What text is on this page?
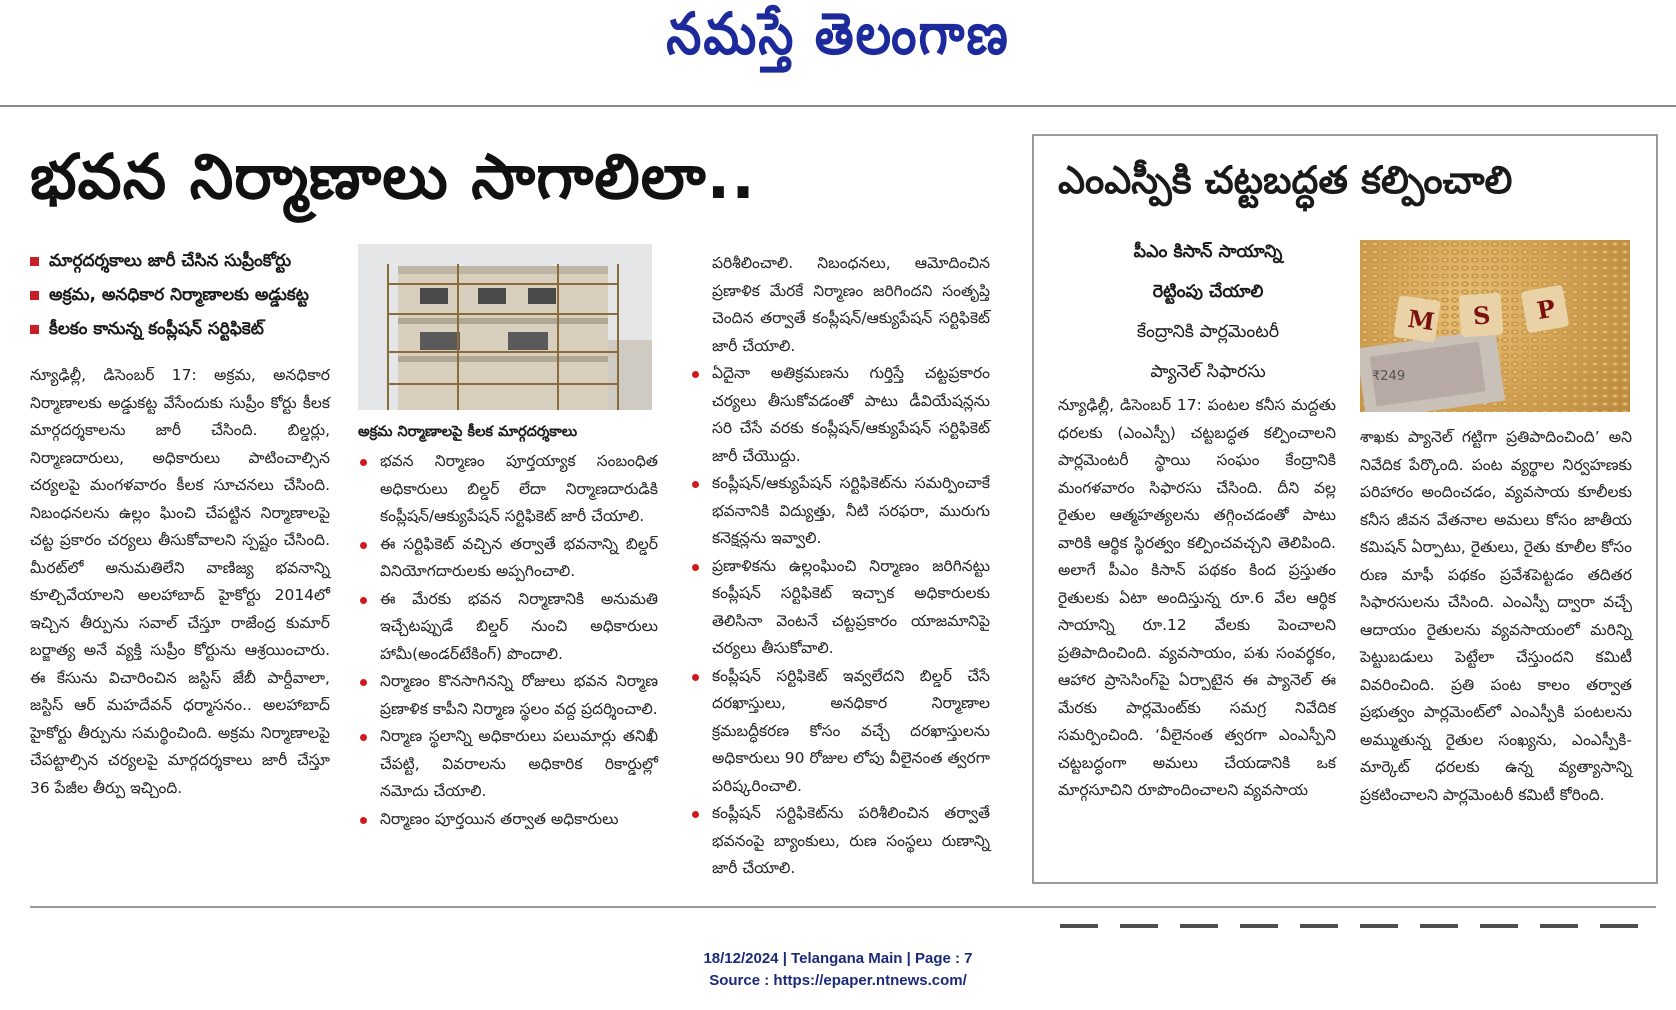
నమస్తే తెలంగాణ
భవన నిర్మాణాలు సాగాలిలా..
మార్గదర్శకాలు జారీ చేసిన సుప్రీంకోర్టు
అక్రమ, అనధికార నిర్మాణాలకు అడ్డుకట్ట
కీలకం కానున్న కంప్లీషన్ సర్టిఫికెట్

న్యూఢిల్లీ, డిసెంబర్ 17: అక్రమ, అనధికార నిర్మాణాలకు అడ్డుకట్ట వేసేందుకు సుప్రీం కోర్టు కీలక మార్గదర్శకాలను జారీ చేసింది. బిల్డర్లు, నిర్మాణదారులు, అధికారులు పాటించాల్సిన చర్యలపై మంగళవారం కీలక సూచనలు చేసింది. నిబంధనలను ఉల్లం ఘించి చేపట్టిన నిర్మాణాలపై చట్ట ప్రకారం చర్యలు తీసుకోవాలని స్పష్టం చేసింది. మీరట్‌లో అనుమతిలేని వాణిజ్య భవనాన్ని కూల్చివేయాలని అలహాబాద్ హైకోర్టు 2014లో ఇచ్చిన తీర్పును సవాల్ చేస్తూ రాజేంద్ర కుమార్ బర్జాత్య అనే వ్యక్తి సుప్రీం కోర్టును ఆశ్రయించారు. ఈ కేసును విచారించిన జస్టిస్ జేబీ పార్దీవాలా, జస్టిస్ ఆర్ మహదేవన్ ధర్మాసనం.. అలహాబాద్ హైకోర్టు తీర్పును సమర్థించింది. అక్రమ నిర్మాణాలపై చేపట్టాల్సిన చర్యలపై మార్గదర్శకాలు జారీ చేస్తూ 36 పేజీల తీర్పు ఇచ్చింది.

అక్రమ నిర్మాణాలపై కీలక మార్గదర్శకాలు
భవన నిర్మాణం పూర్తయ్యాక సంబంధిత అధికారులు బిల్డర్ లేదా నిర్మాణదారుడికి కంప్లీషన్/ఆక్యుపేషన్ సర్టిఫికెట్ జారీ చేయాలి.
ఈ సర్టిఫికెట్ వచ్చిన తర్వాతే భవనాన్ని బిల్డర్ వినియోగదారులకు అప్పగించాలి.
ఈ మేరకు భవన నిర్మాణానికి అనుమతి ఇచ్చేటప్పుడే బిల్డర్ నుంచి అధికారులు హామీ(అండర్‌టేకింగ్) పొందాలి.
నిర్మాణం కొనసాగినన్ని రోజులు భవన నిర్మాణ ప్రణాళిక కాపీని నిర్మాణ స్థలం వద్ద ప్రదర్శించాలి.
నిర్మాణ స్థలాన్ని అధికారులు పలుమార్లు తనిఖీ చేపట్టి, వివరాలను అధికారిక రికార్డుల్లో నమోదు చేయాలి.
నిర్మాణం పూర్తయిన తర్వాత అధికారులు

పరిశీలించాలి. నిబంధనలు, ఆమోదించిన ప్రణాళిక మేరకే నిర్మాణం జరిగిందని సంతృప్తి చెందిన తర్వాతే కంప్లీషన్/ఆక్యుపేషన్ సర్టిఫికెట్ జారీ చేయాలి.

ఏదైనా అతిక్రమణను గుర్తిస్తే చట్టప్రకారం చర్యలు తీసుకోవడంతో పాటు డీవియేషన్లను సరి చేసే వరకు కంప్లీషన్/ఆక్యుపేషన్ సర్టిఫికెట్ జారీ చేయొద్దు.
కంప్లీషన్/ఆక్యుపేషన్ సర్టిఫికెట్‌ను సమర్పించాకే భవనానికి విద్యుత్తు, నీటి సరఫరా, మురుగు కనెక్షన్లను ఇవ్వాలి.
ప్రణాళికను ఉల్లంఘించి నిర్మాణం జరిగినట్టు కంప్లీషన్ సర్టిఫికెట్ ఇచ్చాక అధికారులకు తెలిసినా వెంటనే చట్టప్రకారం యాజమానిపై చర్యలు తీసుకోవాలి.
కంప్లీషన్ సర్టిఫికెట్ ఇవ్వలేదని బిల్డర్ చేసే దరఖాస్తులు, అనధికార నిర్మాణాల క్రమబద్ధీకరణ కోసం వచ్చే దరఖాస్తులను అధికారులు 90 రోజుల లోపు వీలైనంత త్వరగా పరిష్కరించాలి.
కంప్లీషన్ సర్టిఫికెట్‌ను పరిశీలించిన తర్వాతే భవనంపై బ్యాంకులు, రుణ సంస్థలు రుణాన్ని జారీ చేయాలి.
ఎంఎస్పీకి చట్టబద్ధత కల్పించాలి
పీఎం కిసాన్ సాయాన్ని
రెట్టింపు చేయాలి
కేంద్రానికి పార్లమెంటరీ
ప్యానెల్ సిఫారసు	₹249
M S P

న్యూఢిల్లీ, డిసెంబర్ 17: పంటల కనీస మద్దతు ధరలకు (ఎంఎస్పీ) చట్టబద్ధత కల్పించాలని పార్లమెంటరీ స్థాయి సంఘం కేంద్రానికి మంగళవారం సిఫారసు చేసింది. దీని వల్ల రైతుల ఆత్మహత్యలను తగ్గించడంతో పాటు వారికి ఆర్థిక స్థిరత్వం కల్పించవచ్చని తెలిపింది. అలాగే పీఎం కిసాన్ పథకం కింద ప్రస్తుతం రైతులకు ఏటా అందిస్తున్న రూ.6 వేల ఆర్థిక సాయాన్ని రూ.12 వేలకు పెంచాలని ప్రతిపాదించింది. వ్యవసాయం, పశు సంవర్థకం, ఆహార ప్రాసెసింగ్‌పై ఏర్పాటైన ఈ ప్యానెల్ ఈ మేరకు పార్లమెంట్‌కు సమగ్ర నివేదిక సమర్పించింది. ‘వీలైనంత త్వరగా ఎంఎస్పీని చట్టబద్ధంగా అమలు చేయడానికి ఒక మార్గసూచిని రూపొందించాలని వ్యవసాయ

శాఖకు ప్యానెల్ గట్టిగా ప్రతిపాదించింది’ అని నివేదిక పేర్కొంది. పంట వ్యర్థాల నిర్వహణకు పరిహారం అందించడం, వ్యవసాయ కూలీలకు కనీస జీవన వేతనాల అమలు కోసం జాతీయ కమిషన్ ఏర్పాటు, రైతులు, రైతు కూలీల కోసం రుణ మాఫీ పథకం ప్రవేశపెట్టడం తదితర సిఫారసులను చేసింది. ఎంఎస్పీ ద్వారా వచ్చే ఆదాయం రైతులను వ్యవసాయంలో మరిన్ని పెట్టుబడులు పెట్టేలా చేస్తుందని కమిటీ వివరించింది. ప్రతి పంట కాలం తర్వాత ప్రభుత్వం పార్లమెంట్‌లో ఎంఎస్పీకి పంటలను అమ్ముతున్న రైతుల సంఖ్యను, ఎంఎస్పీకి-మార్కెట్ ధరలకు ఉన్న వ్యత్యాసాన్ని ప్రకటించాలని పార్లమెంటరీ కమిటీ కోరింది.

18/12/2024 | Telangana Main | Page : 7
Source : https://epaper.ntnews.com/
